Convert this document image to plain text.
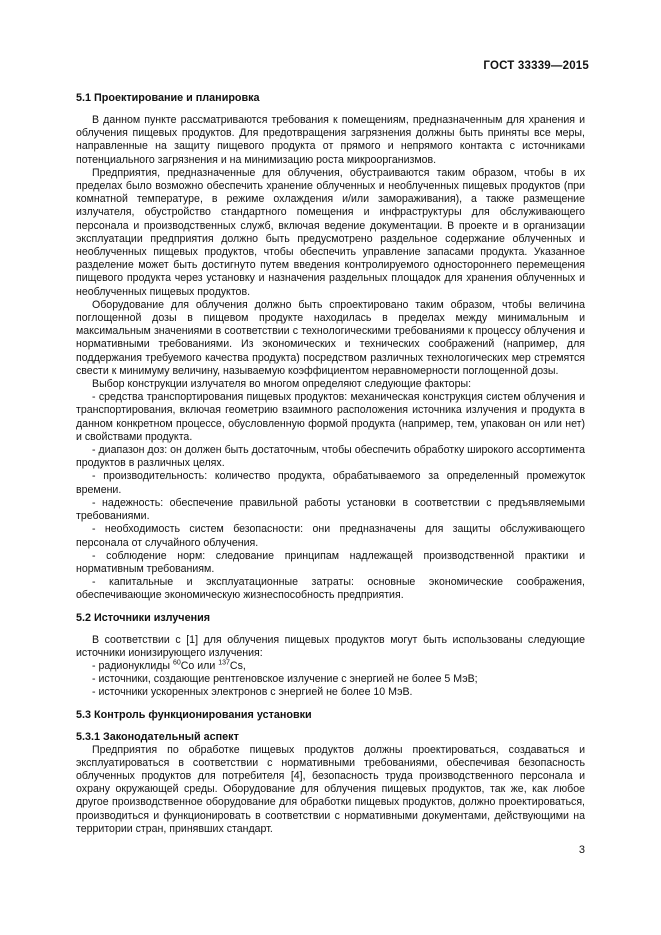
ГОСТ 33339—2015
5.1 Проектирование и планировка

В данном пункте рассматриваются требования к помещениям, предназначенным для хранения и облучения пищевых продуктов. Для предотвращения загрязнения должны быть приняты все меры, направленные на защиту пищевого продукта от прямого и непрямого контакта с источниками потенциального загрязнения и на минимизацию роста микроорганизмов.

Предприятия, предназначенные для облучения, обустраиваются таким образом, чтобы в их пределах было возможно обеспечить хранение облученных и необлученных пищевых продуктов (при комнатной температуре, в режиме охлаждения и/или замораживания), а также размещение излучателя, обустройство стандартного помещения и инфраструктуры для обслуживающего персонала и производственных служб, включая ведение документации. В проекте и в организации эксплуатации предприятия должно быть предусмотрено раздельное содержание облученных и необлученных пищевых продуктов, чтобы обеспечить управление запасами продукта. Указанное разделение может быть достигнуто путем введения контролируемого одностороннего перемещения пищевого продукта через установку и назначения раздельных площадок для хранения облученных и необлученных пищевых продуктов.

Оборудование для облучения должно быть спроектировано таким образом, чтобы величина поглощенной дозы в пищевом продукте находилась в пределах между минимальным и максимальным значениями в соответствии с технологическими требованиями к процессу облучения и нормативными требованиями. Из экономических и технических соображений (например, для поддержания требуемого качества продукта) посредством различных технологических мер стремятся свести к минимуму величину, называемую коэффициентом неравномерности поглощенной дозы.

Выбор конструкции излучателя во многом определяют следующие факторы:

- средства транспортирования пищевых продуктов: механическая конструкция систем облучения и транспортирования, включая геометрию взаимного расположения источника излучения и продукта в данном конкретном процессе, обусловленную формой продукта (например, тем, упакован он или нет) и свойствами продукта.

- диапазон доз: он должен быть достаточным, чтобы обеспечить обработку широкого ассортимента продуктов в различных целях.

- производительность: количество продукта, обрабатываемого за определенный промежуток времени.

- надежность: обеспечение правильной работы установки в соответствии с предъявляемыми требованиями.

- необходимость систем безопасности: они предназначены для защиты обслуживающего персонала от случайного облучения.

- соблюдение норм: следование принципам надлежащей производственной практики и нормативным требованиям.

- капитальные и эксплуатационные затраты: основные экономические соображения, обеспечивающие экономическую жизнеспособность предприятия.

5.2 Источники излучения

В соответствии с [1] для облучения пищевых продуктов могут быть использованы следующие источники ионизирующего излучения:

- радионуклиды $^{60}$Co или $^{137}$Cs,

- источники, создающие рентгеновское излучение с энергией не более 5 МэВ;

- источники ускоренных электронов с энергией не более 10 МэВ.

5.3 Контроль функционирования установки
5.3.1 Законодательный аспект

Предприятия по обработке пищевых продуктов должны проектироваться, создаваться и эксплуатироваться в соответствии с нормативными требованиями, обеспечивая безопасность облученных продуктов для потребителя [4], безопасность труда производственного персонала и охрану окружающей среды. Оборудование для облучения пищевых продуктов, так же, как любое другое производственное оборудование для обработки пищевых продуктов, должно проектироваться, производиться и функционировать в соответствии с нормативными документами, действующими на территории стран, принявших стандарт.

3
